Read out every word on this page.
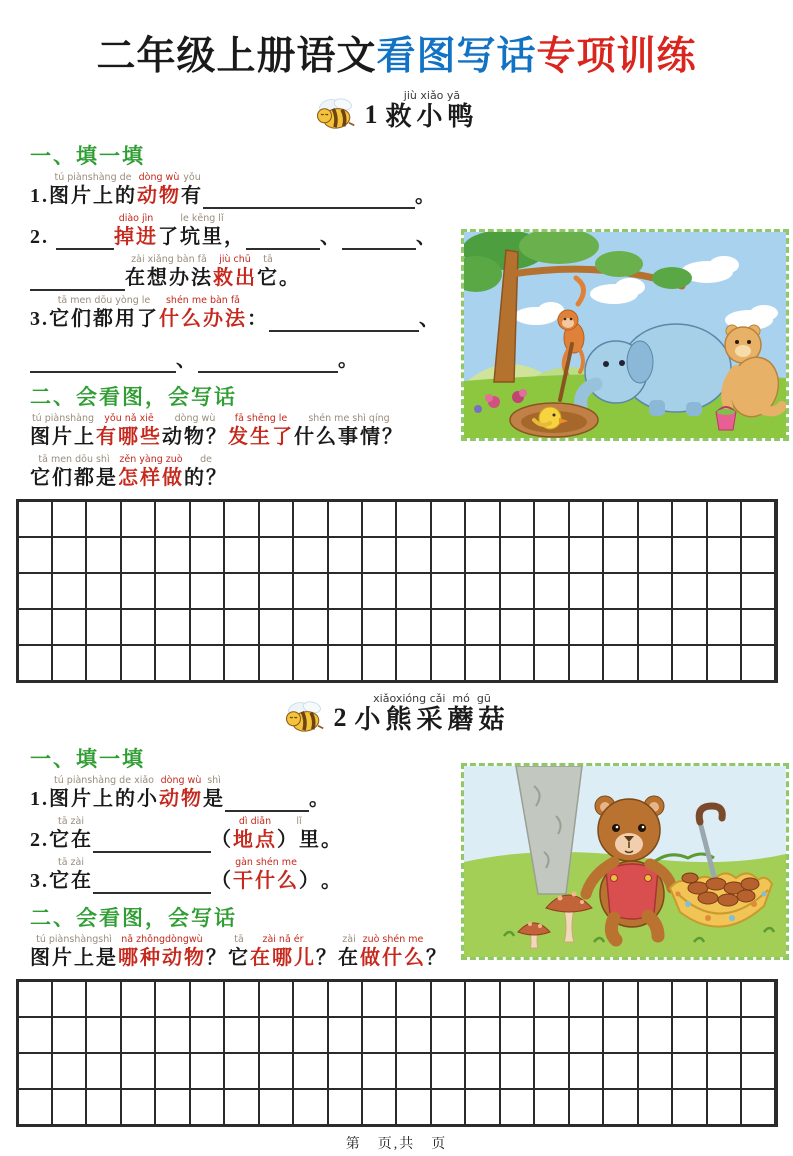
二年级上册语文 看图写话 专项训练
1
jiù xiǎo yā
救小鸭
一、填一填

1.
tú piànshàng de
图片上的
dòng wù
动物
yǒu
有
	。

2.
diào jìn
掉进
le kēng lǐ
了坑里，
	、
	、
zài xiǎng bàn fǎ
在想办法
jiù chū
救出
tā
它
。

3.
tā men dōu yòng le
它们都用了
shén me bàn fǎ
什么办法
：
	、

、
	。
二、会看图，会写话
tú piànshàng
图片上
yǒu nǎ xiē
有哪些
dòng wù
动物？
fā shēng le
发生了
shén me shì qíng
什么事情？
tā men dōu shì
它们都是
zěn yàng zuò
怎样做
de
的？
2
xiǎoxióng cǎi  mó  gū
小熊采蘑菇
一、填一填

1.
tú piànshàng de xiǎo
图片上的小
dòng wù
动物
shì
是
	。

2.
tā zài
它在
	（
dì diǎn
地点
lǐ
）里
。

3.
tā zài
它在
	（
gàn shén me
干什么
）
。
二、会看图，会写话
tú piànshàngshì
图片上是
nǎ zhǒngdòngwù
哪种动物
？
tā
它
zài nǎ ér
在哪儿
？
zài
在
zuò shén me
做什么
？
第　页,共　页
